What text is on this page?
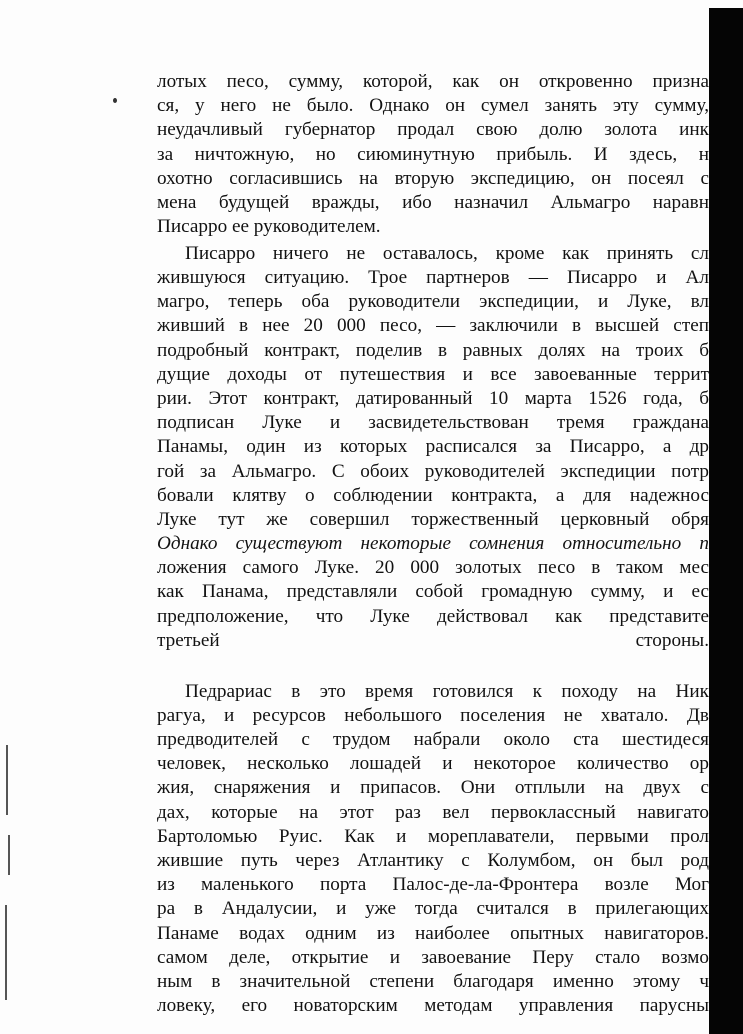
лотых песо, сумму, которой, как он откровенно призна
ся, у него не было. Однако он сумел занять эту сумму,
неудачливый губернатор продал свою долю золота инк
за ничтожную, но сиюминутную прибыль. И здесь, н
охотно согласившись на вторую экспедицию, он посеял с
мена будущей вражды, ибо назначил Альмагро наравн
Писарро ее руководителем.
Писарро ничего не оставалось, кроме как принять сл
жившуюся ситуацию. Трое партнеров — Писарро и Ал
магро, теперь оба руководители экспедиции, и Луке, вл
живший в нее 20 000 песо, — заключили в высшей степ
подробный контракт, поделив в равных долях на троих б
дущие доходы от путешествия и все завоеванные террит
рии. Этот контракт, датированный 10 марта 1526 года, б
подписан Луке и засвидетельствован тремя граждана
Панамы, один из которых расписался за Писарро, а др
гой за Альмагро. С обоих руководителей экспедиции потр
бовали клятву о соблюдении контракта, а для надежнос
Луке тут же совершил торжественный церковный обря
Однако существуют некоторые сомнения относительно п
ложения самого Луке. 20 000 золотых песо в таком мес
как Панама, представляли собой громадную сумму, и ес
предположение, что Луке действовал как представите
третьей стороны.
Педрариас в это время готовился к походу на Ник
рагуа, и ресурсов небольшого поселения не хватало. Дв
предводителей с трудом набрали около ста шестидеся
человек, несколько лошадей и некоторое количество ор
жия, снаряжения и припасов. Они отплыли на двух с
дах, которые на этот раз вел первоклассный навигато
Бартоломью Руис. Как и мореплаватели, первыми прол
жившие путь через Атлантику с Колумбом, он был род
из маленького порта Палос-де-ла-Фронтера возле Мог
ра в Андалусии, и уже тогда считался в прилегающих
Панаме водах одним из наиболее опытных навигаторов.
самом деле, открытие и завоевание Перу стало возмо
ным в значительной степени благодаря именно этому ч
ловеку, его новаторским методам управления парусны
